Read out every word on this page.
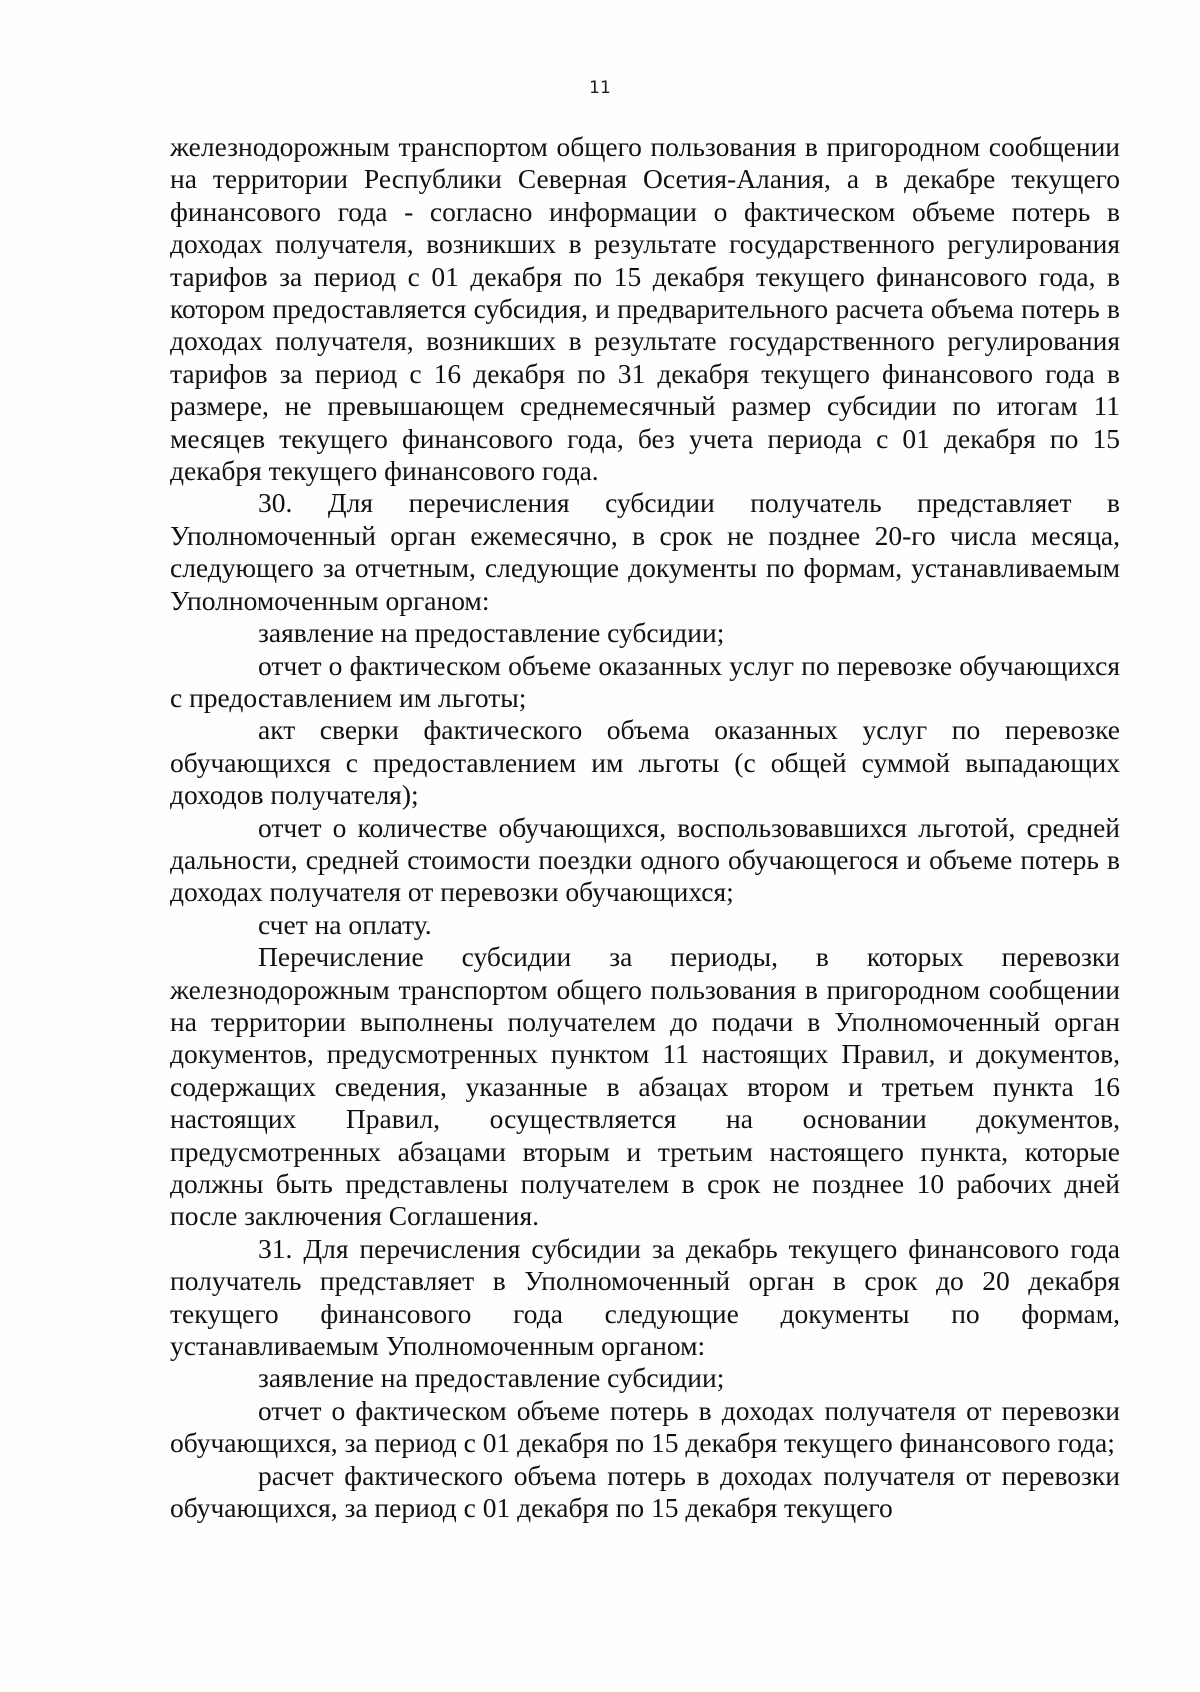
11

железнодорожным транспортом общего пользования в пригородном сообщении на территории Республики Северная Осетия-Алания, а в декабре текущего финансового года - согласно информации о фактическом объеме потерь в доходах получателя, возникших в результате государственного регулирования тарифов за период с 01 декабря по 15 декабря текущего финансового года, в котором предоставляется субсидия, и предварительного расчета объема потерь в доходах получателя, возникших в результате государственного регулирования тарифов за период с 16 декабря по 31 декабря текущего финансового года в размере, не превышающем среднемесячный размер субсидии по итогам 11 месяцев текущего финансового года, без учета периода с 01 декабря по 15 декабря текущего финансового года.

30. Для перечисления субсидии получатель представляет в Уполномоченный орган ежемесячно, в срок не позднее 20-го числа месяца, следующего за отчетным, следующие документы по формам, устанавливаемым Уполномоченным органом:

заявление на предоставление субсидии;

отчет о фактическом объеме оказанных услуг по перевозке обучающихся с предоставлением им льготы;

акт сверки фактического объема оказанных услуг по перевозке обучающихся с предоставлением им льготы (с общей суммой выпадающих доходов получателя);

отчет о количестве обучающихся, воспользовавшихся льготой, средней дальности, средней стоимости поездки одного обучающегося и объеме потерь в доходах получателя от перевозки обучающихся;

счет на оплату.

Перечисление субсидии за периоды, в которых перевозки железнодорожным транспортом общего пользования в пригородном сообщении на территории выполнены получателем до подачи в Уполномоченный орган документов, предусмотренных пунктом 11 настоящих Правил, и документов, содержащих сведения, указанные в абзацах втором и третьем пункта 16 настоящих Правил, осуществляется на основании документов, предусмотренных абзацами вторым и третьим настоящего пункта, которые должны быть представлены получателем в срок не позднее 10 рабочих дней после заключения Соглашения.

31. Для перечисления субсидии за декабрь текущего финансового года получатель представляет в Уполномоченный орган в срок до 20 декабря текущего финансового года следующие документы по формам, устанавливаемым Уполномоченным органом:

заявление на предоставление субсидии;

отчет о фактическом объеме потерь в доходах получателя от перевозки обучающихся, за период с 01 декабря по 15 декабря текущего финансового года;

расчет фактического объема потерь в доходах получателя от перевозки обучающихся, за период с 01 декабря по 15 декабря текущего
